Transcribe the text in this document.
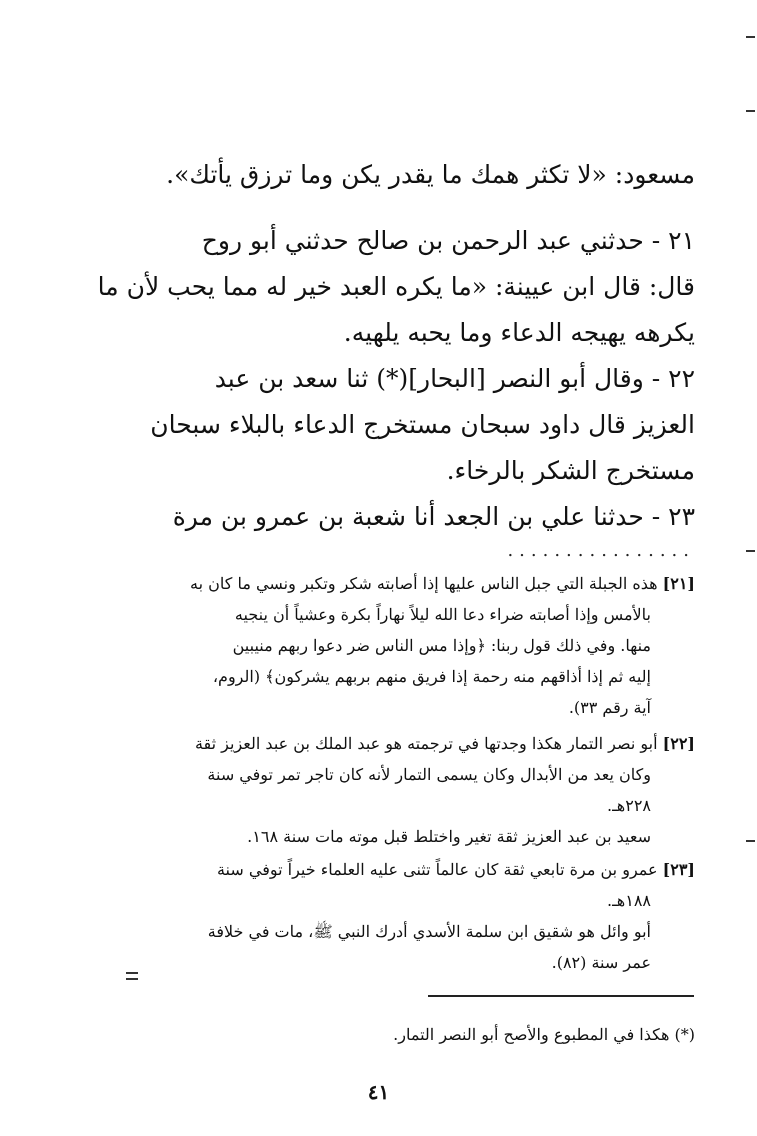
مسعود: «لا تكثر همك ما يقدر يكن وما ترزق يأتك».
٢١ - حدثني عبد الرحمن بن صالح حدثني أبو روح
قال: قال ابن عيينة: «ما يكره العبد خير له مما يحب لأن ما
يكرهه يهيجه الدعاء وما يحبه يلهيه.
٢٢ - وقال أبو النصر [البحار](*) ثنا سعد بن عبد
العزيز قال داود سبحان مستخرج الدعاء بالبلاء سبحان
مستخرج الشكر بالرخاء.
٢٣ - حدثنا علي بن الجعد أنا شعبة بن عمرو بن مرة
................
[٢١] هذه الجبلة التي جبل الناس عليها إذا أصابته شكر وتكبر ونسي ما كان به
بالأمس وإذا أصابته ضراء دعا الله ليلاً نهاراً بكرة وعشياً أن ينجيه
منها. وفي ذلك قول ربنا: ﴿وإذا مس الناس ضر دعوا ربهم منيبين
إليه ثم إذا أذاقهم منه رحمة إذا فريق منهم بربهم يشركون﴾ (الروم،
آية رقم ٣٣).
[٢٢] أبو نصر التمار هكذا وجدتها في ترجمته هو عبد الملك بن عبد العزيز ثقة
وكان يعد من الأبدال وكان يسمى التمار لأنه كان تاجر تمر توفي سنة
٢٢٨هـ.
سعيد بن عبد العزيز ثقة تغير واختلط قبل موته مات سنة ١٦٨.
[٢٣] عمرو بن مرة تابعي ثقة كان عالماً تثنى عليه العلماء خيراً توفي سنة
١٨٨هـ.
أبو وائل هو شقيق ابن سلمة الأسدي أدرك النبي ﷺ، مات في خلافة
عمر سنة (٨٢).
(*) هكذا في المطبوع والأصح أبو النصر التمار.
٤١
